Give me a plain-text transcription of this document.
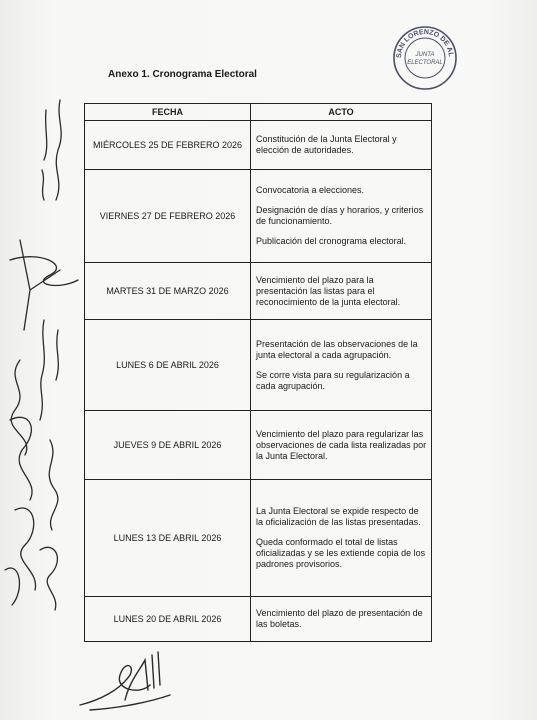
Anexo 1. Cronograma Electoral
FECHA	ACTO
MIÉRCOLES 25 DE FEBRERO 2026	Constitución de la Junta Electoral y elección de autoridades.

VIERNES 27 DE FEBRERO 2026	Convocatoria a elecciones.

Designación de días y horarios, y criterios de funcionamiento.

Publicación del cronograma electoral.

MARTES 31 DE MARZO 2026	Vencimiento del plazo para la presentación las listas para el reconocimiento de la junta electoral.

LUNES 6 DE ABRIL 2026	Presentación de las observaciones de la junta electoral a cada agrupación.

Se corre vista para su regularización a cada agrupación.

JUEVES 9 DE ABRIL 2026	Vencimiento del plazo para regularizar las observaciones de cada lista realizadas por la Junta Electoral.

LUNES 13 DE ABRIL 2026	La Junta Electoral se expide respecto de la oficialización de las listas presentadas.

Queda conformado el total de listas oficializadas y se les extiende copia de los padrones provisorios.

LUNES 20 DE ABRIL 2026	Vencimiento del plazo de presentación de las boletas.

SAN LORENZO DE AL
JUNTA
ELECTORAL
